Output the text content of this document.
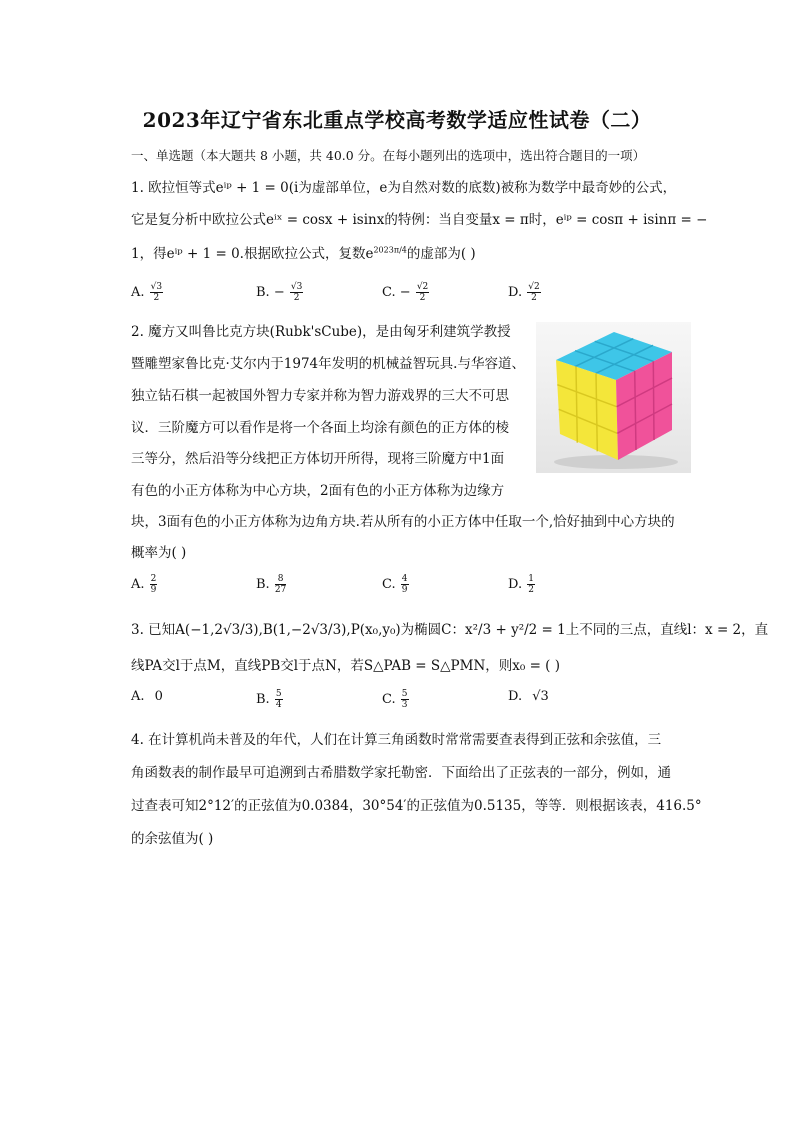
2023年辽宁省东北重点学校高考数学适应性试卷（二）
一、单选题（本大题共 8 小题，共 40.0 分。在每小题列出的选项中，选出符合题目的一项）
1. 欧拉恒等式eⁱᵖ + 1 = 0(i为虚部单位，e为自然对数的底数)被称为数学中最奇妙的公式，
它是复分析中欧拉公式eⁱˣ = cosx + isinx的特例：当自变量x = π时，eⁱᵖ = cosπ + isinπ = −
1，得eⁱᵖ + 1 = 0.根据欧拉公式，复数$e^{2023\pi/4}$的虚部为( )
A. $\frac{√3}{2}$	B. − $\frac{√3}{2}$	C. − $\frac{√2}{2}$	D. $\frac{√2}{2}$
2. 魔方又叫鲁比克方块(Rubk'sCube)，是由匈牙利建筑学教授
暨雕塑家鲁比克·艾尔内于1974年发明的机械益智玩具.与华容道、
独立钻石棋一起被国外智力专家并称为智力游戏界的三大不可思
议．三阶魔方可以看作是将一个各面上均涂有颜色的正方体的棱
三等分，然后沿等分线把正方体切开所得，现将三阶魔方中1面
有色的小正方体称为中心方块，2面有色的小正方体称为边缘方
块，3面有色的小正方体称为边角方块.若从所有的小正方体中任取一个,恰好抽到中心方块的
概率为( )
A. $\frac{2}{9}$	B. $\frac{8}{27}$	C. $\frac{4}{9}$	D. $\frac{1}{2}$
3. 已知A(−1,2√3/3),B(1,−2√3/3),P(x₀,y₀)为椭圆C：x²/3 + y²/2 = 1上不同的三点，直线l：x = 2，直
线PA交l于点M，直线PB交l于点N，若S△PAB = S△PMN，则x₀ = ( )
A. 0	B. $\frac{5}{4}$	C. $\frac{5}{3}$	D. √3
4. 在计算机尚未普及的年代，人们在计算三角函数时常常需要查表得到正弦和余弦值，三
角函数表的制作最早可追溯到古希腊数学家托勒密．下面给出了正弦表的一部分，例如，通
过查表可知2°12′的正弦值为0.0384，30°54′的正弦值为0.5135，等等．则根据该表，416.5°
的余弦值为( )
